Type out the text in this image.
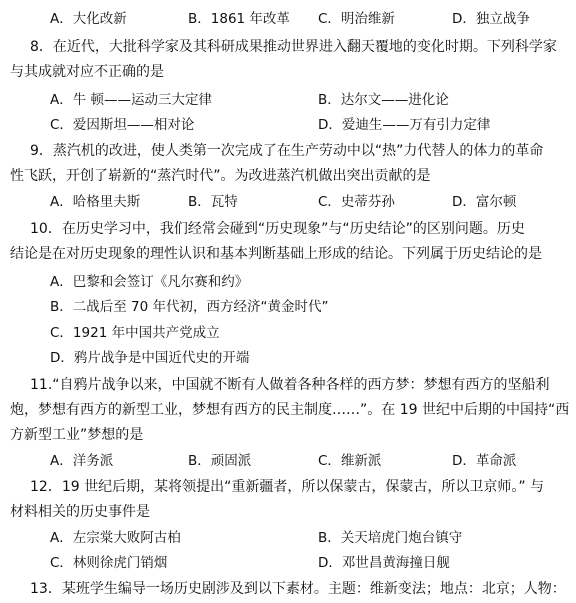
A．大化改新	B．1861 年改革 C．明治维新	D．独立战争
8．在近代，大批科学家及其科研成果推动世界进入翻天覆地的变化时期。下列科学家
与其成就对应不正确的是
A．牛 顿——运动三大定律	B．达尔文——进化论
C．爱因斯坦——相对论	D．爱迪生——万有引力定律
9．蒸汽机的改进，使人类第一次完成了在生产劳动中以“热”力代替人的体力的革命
性飞跃，开创了崭新的“蒸汽时代”。为改进蒸汽机做出突出贡献的是
A．哈格里夫斯	B．瓦特	C．史蒂芬孙	D．富尔顿
10．在历史学习中，我们经常会碰到“历史现象”与“历史结论”的区别问题。历史
结论是在对历史现象的理性认识和基本判断基础上形成的结论。下列属于历史结论的是
A．巴黎和会签订《凡尔赛和约》
B．二战后至 70 年代初，西方经济“黄金时代”
C．1921 年中国共产党成立
D．鸦片战争是中国近代史的开端
11.“自鸦片战争以来，中国就不断有人做着各种各样的西方梦：梦想有西方的坚船利
炮，梦想有西方的新型工业，梦想有西方的民主制度……”。在 19 世纪中后期的中国持“西
方新型工业”梦想的是
A．洋务派	B．顽固派	C．维新派	D．革命派
12．19 世纪后期，某将领提出“重新疆者，所以保蒙古，保蒙古，所以卫京师。” 与
材料相关的历史事件是
A．左宗棠大败阿古柏	B．关天培虎门炮台镇守
C．林则徐虎门销烟	D．邓世昌黄海撞日舰
13．某班学生编导一场历史剧涉及到以下素材。主题：维新变法；地点：北京；人物：
